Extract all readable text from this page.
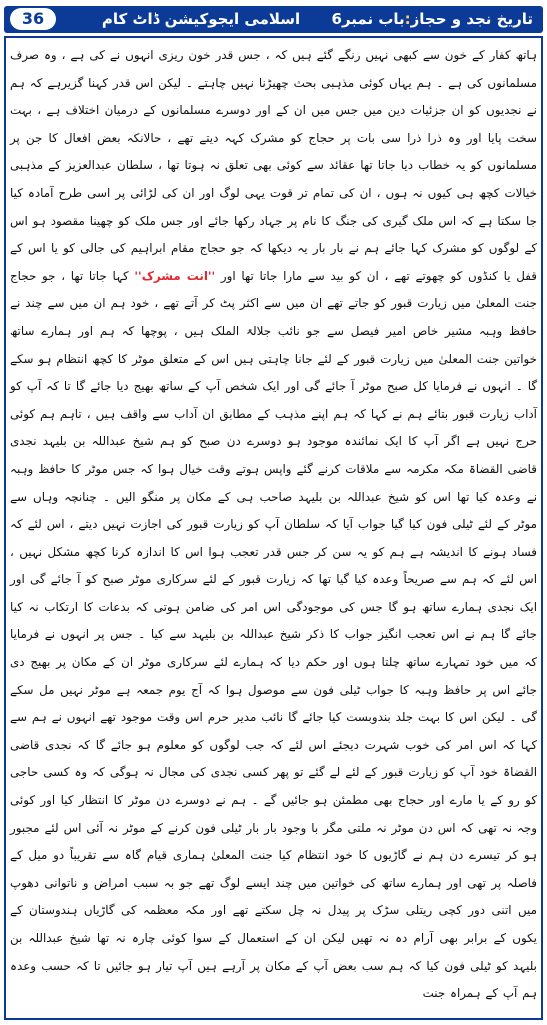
36	تاریخ نجد و حجاز:باب نمبر6      اسلامی ایجوکیشن ڈاٹ کام

ہاتھ کفار کے خون سے کبھی نہیں رنگے گئے ہیں کہ ، جس قدر خون ریزی انہوں نے کی ہے ، وہ صرف مسلمانوں کی ہے ۔ ہم یہاں کوئی مذہبی بحث چھیڑنا نہیں چاہتے ۔ لیکن اس قدر کہنا گزیرہے کہ ہم نے نجدیوں کو ان جزئیات دین میں جس میں ان کے اور دوسرے مسلمانوں کے درمیان اختلاف ہے ، بہت سخت پایا اور وہ ذرا ذرا سی بات پر حجاج کو مشرک کہہ دیتے تھے ، حالانکہ بعض افعال کا جن پر مسلمانوں کو یہ خطاب دیا جاتا تھا عقائد سے کوئی بھی تعلق نہ ہوتا تھا ، سلطان عبدالعزیز کے مذہبی خیالات کچھ ہی کیوں نہ ہوں ، ان کی تمام تر قوت یہی لوگ اور ان کی لڑائی پر اسی طرح آمادہ کیا جا سکتا ہے کہ اس ملک گیری کی جنگ کا نام پر جہاد رکھا جائے اور جس ملک کو چھینا مقصود ہو اس کے لوگوں کو مشرک کہا جائے ہم نے بار بار یہ دیکھا کہ جو حجاج مقام ابراہیم کی جالی کو یا اس کے قفل یا کنڈوں کو چھوتے تھے ، ان کو بید سے مارا جاتا تھا اور ''انت مشرک'' کہا جاتا تھا ، جو حجاج جنت المعلیٰ میں زیارت قبور کو جاتے تھے ان میں سے اکثر پٹ کر آتے تھے ، خود ہم ان میں سے چند نے حافظ وہبہ مشیر خاص امیر فیصل سے جو نائب جلالۃ الملک ہیں ، پوچھا کہ ہم اور ہمارے ساتھ خواتین جنت المعلیٰ میں زیارت قبور کے لئے جانا چاہتی ہیں اس کے متعلق موٹر کا کچھ انتظام ہو سکے گا ۔ انہوں نے فرمایا کل صبح موٹر آ جائے گی اور ایک شخص آپ کے ساتھ بھیج دیا جائے گا تا کہ آپ کو آداب زیارت قبور بتائے ہم نے کہا کہ ہم اپنے مذہب کے مطابق ان آداب سے واقف ہیں ، تاہم ہم کوئی حرج نہیں ہے اگر آپ کا ایک نمائندہ موجود ہو دوسرے دن صبح کو ہم شیخ عبداللہ بن بلیہد نجدی قاضی القضاۃ مکہ مکرمہ سے ملاقات کرنے گئے واپس ہوتے وقت خیال ہوا کہ جس موٹر کا حافظ وہبہ نے وعدہ کیا تھا اس کو شیخ عبداللہ بن بلیہد صاحب ہی کے مکان پر منگو الیں ۔ چنانچہ وہاں سے موٹر کے لئے ٹیلی فون کیا گیا جواب آیا کہ سلطان آپ کو زیارت قبور کی اجازت نہیں دیتے ، اس لئے کہ فساد ہونے کا اندیشہ ہے ہم کو یہ سن کر جس قدر تعجب ہوا اس کا اندازہ کرنا کچھ مشکل نہیں ، اس لئے کہ ہم سے صریحاً وعدہ کیا گیا تھا کہ زیارت قبور کے لئے سرکاری موٹر صبح کو آ جائے گی اور ایک نجدی ہمارے ساتھ ہو گا جس کی موجودگی اس امر کی ضامن ہوتی کہ بدعات کا ارتکاب نہ کیا جائے گا ہم نے اس تعجب انگیز جواب کا ذکر شیخ عبداللہ بن بلیہد سے کیا ۔ جس پر انہوں نے فرمایا کہ میں خود تمہارے ساتھ چلتا ہوں اور حکم دیا کہ ہمارے لئے سرکاری موٹر ان کے مکان پر بھیج دی جائے اس پر حافظ وہبہ کا جواب ٹیلی فون سے موصول ہوا کہ آج یوم جمعہ ہے موٹر نہیں مل سکے گی ۔ لیکن اس کا بہت جلد بندوبست کیا جائے گا نائب مدیر حرم اس وقت موجود تھے انہوں نے ہم سے کہا کہ اس امر کی خوب شہرت دیجئے اس لئے کہ جب لوگوں کو معلوم ہو جائے گا کہ نجدی قاضی القضاۃ خود آپ کو زیارت قبور کے لئے لے گئے تو پھر کسی نجدی کی مجال نہ ہوگی کہ وہ کسی حاجی کو رو کے یا مارے اور حجاج بھی مطمئن ہو جائیں گے ۔ ہم نے دوسرے دن موٹر کا انتظار کیا اور کوئی وجہ نہ تھی کہ اس دن موٹر نہ ملتی مگر با وجود بار بار ٹیلی فون کرنے کے موٹر نہ آئی اس لئے مجبور ہو کر تیسرے دن ہم نے گاڑیوں کا خود انتظام کیا جنت المعلیٰ ہماری قیام گاہ سے تقریباً دو میل کے فاصلہ پر تھی اور ہمارے ساتھ کی خواتین میں چند ایسے لوگ تھے جو بہ سبب امراض و ناتوانی دھوپ میں اتنی دور کچی ریتلی سڑک پر پیدل نہ چل سکتے تھے اور مکہ معظمہ کی گاڑیاں ہندوستان کے یکوں کے برابر بھی آرام دہ نہ تھیں لیکن ان کے استعمال کے سوا کوئی چارہ نہ تھا شیخ عبداللہ بن بلیہد کو ٹیلی فون کیا کہ ہم سب بعض آپ کے مکان پر آرہے ہیں آپ تیار ہو جائیں تا کہ حسب وعدہ ہم آپ کے ہمراہ جنت
